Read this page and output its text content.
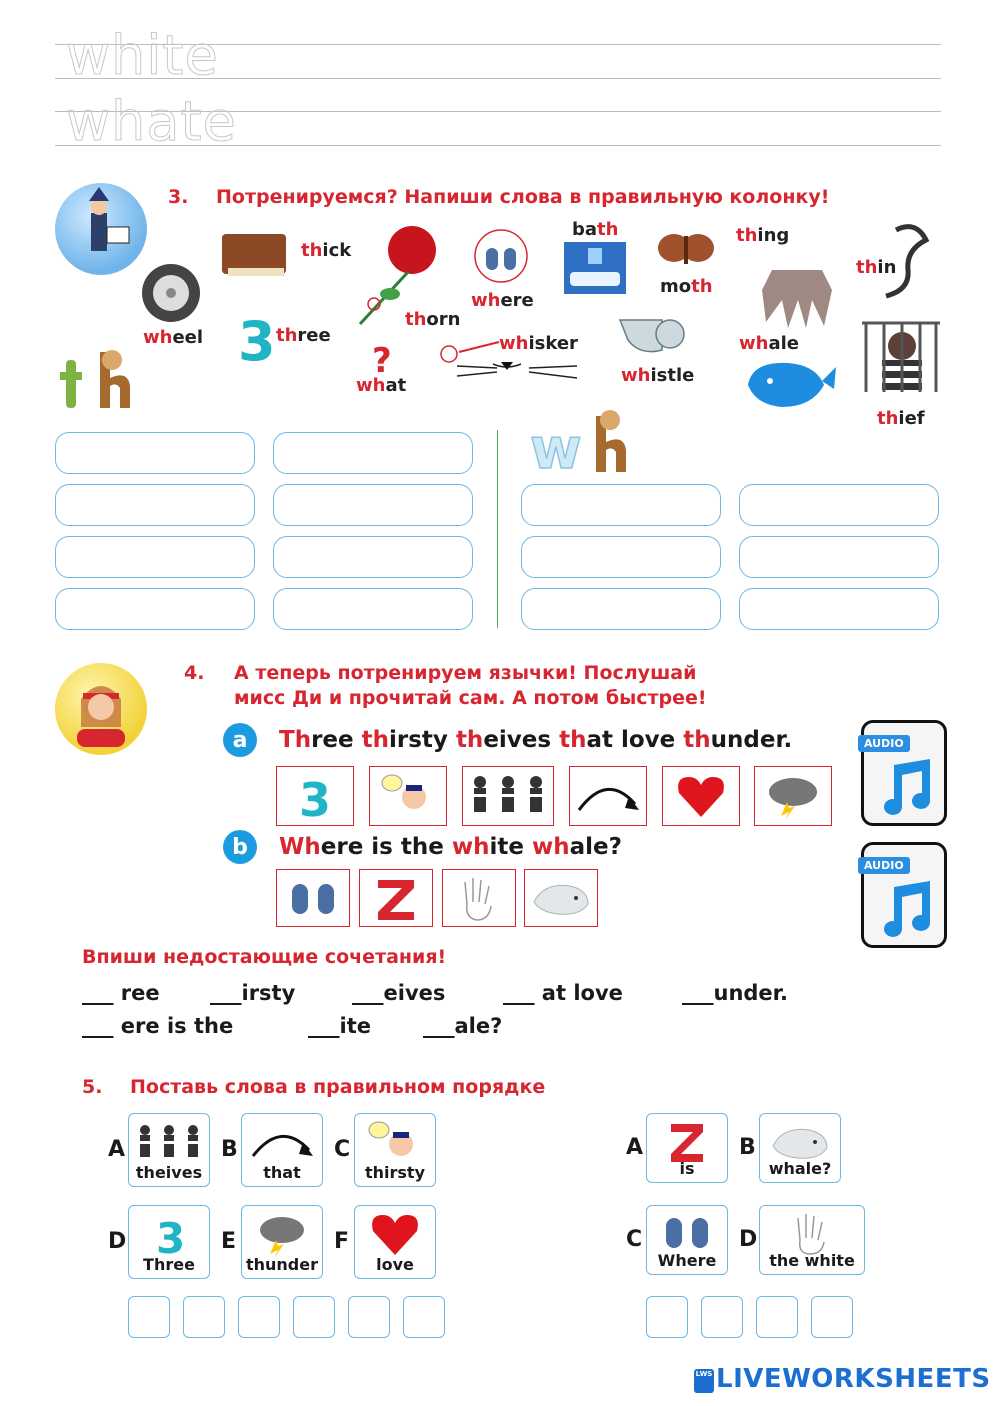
white
whate
3. Потренируемся? Напиши слова в правильную колонку!
thick
wheel 3 three
thorn
?
what
where
whisker
bath
moth
whistle
thing
whale
thin
thief
w
4. А теперь потренируем язычки! Послушай
мисс Ди и прочитай сам. А потом быстрее!
a	Three thirsty theives that love thunder.
3
AUDIO
b	Where is the white whale?
AUDIO
Впиши недостающие сочетания!
___ ree ___irsty	___eives	___ at love	___under.
___ ere is the	___ite ___ale?
5. Поставь слова в правильном порядке
A
theives
B
that
C
thirsty
D 3
Three
E
thunder
F
love
A
is
B
whale?
C
Where
D
the white
LWS LIVEWORKSHEETS
